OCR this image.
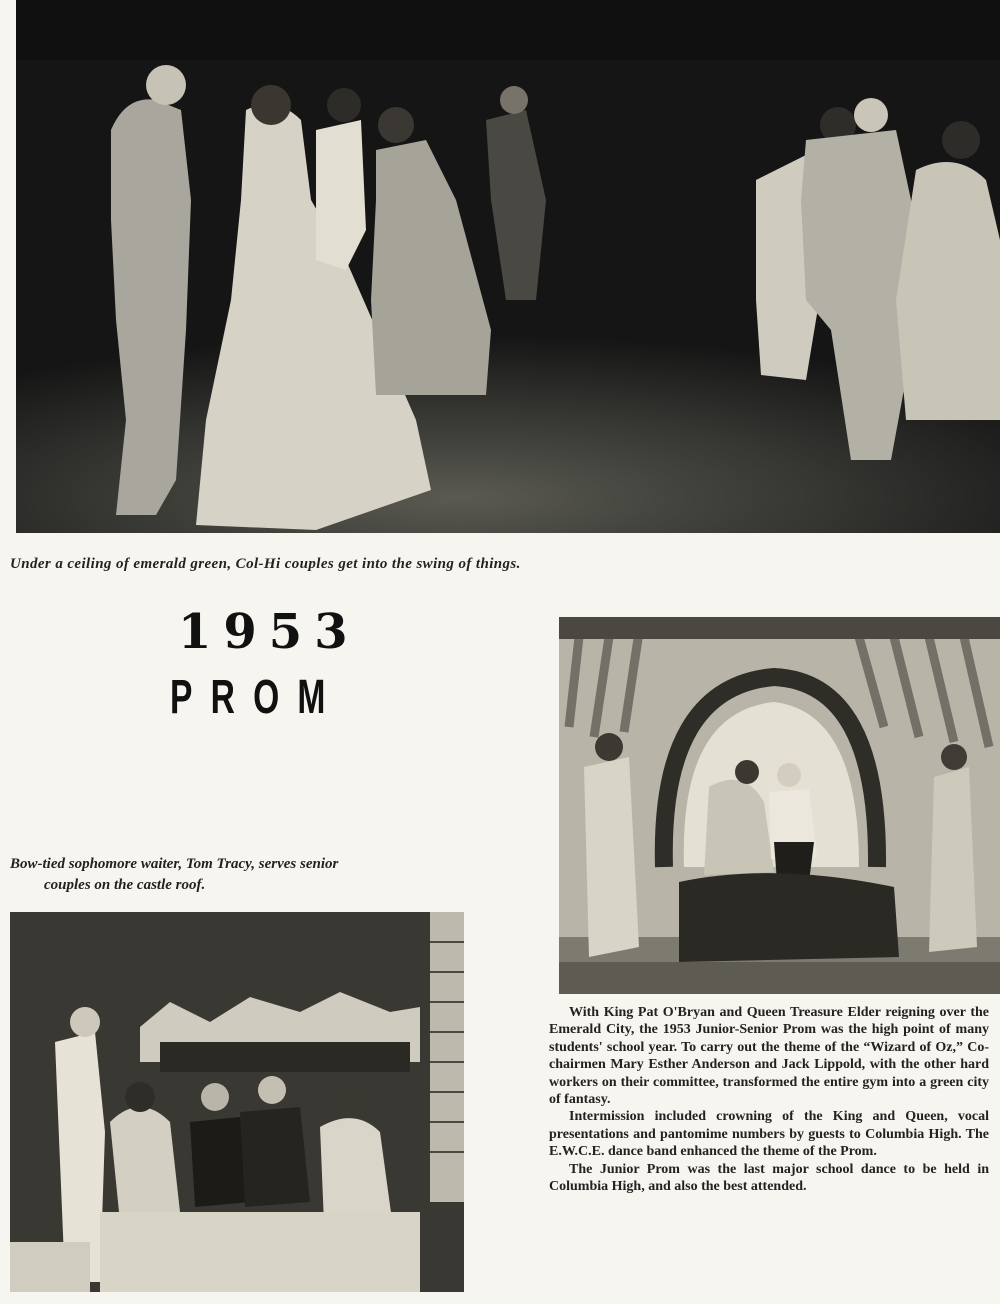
Under a ceiling of emerald green, Col-Hi couples get into the swing of things.
1953
PROM
Bow-tied sophomore waiter, Tom Tracy, serves senior
couples on the castle roof.

With King Pat O'Bryan and Queen Treasure Elder reigning over the Emerald City, the 1953 Junior-Senior Prom was the high point of many students' school year. To carry out the theme of the “Wizard of Oz,” Co-chairmen Mary Esther Anderson and Jack Lippold, with the other hard workers on their committee, transformed the entire gym into a green city of fantasy.

Intermission included crowning of the King and Queen, vocal presentations and pantomime numbers by guests to Columbia High. The E.W.C.E. dance band enhanced the theme of the Prom.

The Junior Prom was the last major school dance to be held in Columbia High, and also the best attended.
